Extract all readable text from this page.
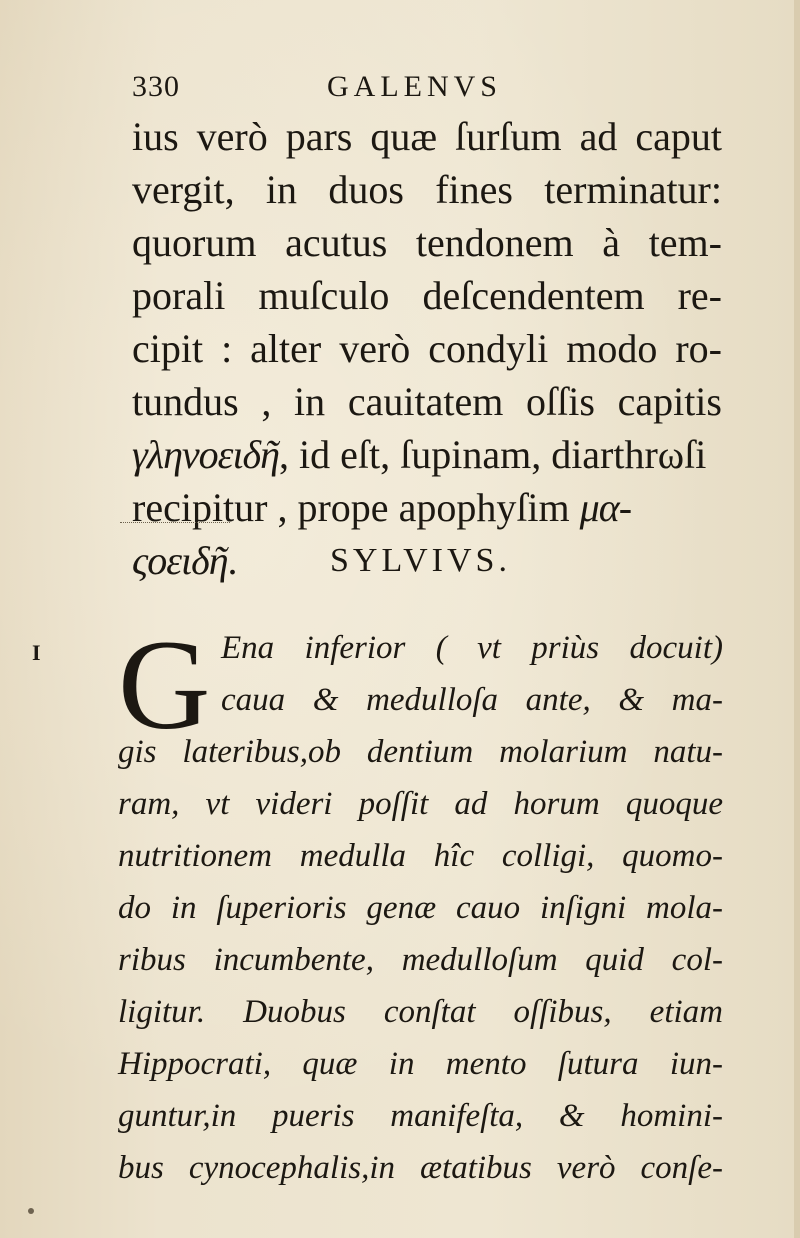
330	GALENVS
ius verò pars quæ ſurſum ad caput
vergit, in duos fines terminatur:
quorum acutus tendonem à tem-
porali muſculo deſcendentem re-
cipit : alter verò condyli modo ro-
tundus , in cauitatem oſſis capitis
γληνοειδῆ, id eſt, ſupinam, diarthrωſi
recipitur , prope apophyſim μα-
ςοειδῆ.	SYLVIVS.
I G Ena inferior ( vt priùs docuit)
caua & medulloſa ante, & ma-
gis lateribus,ob dentium molarium natu-
ram, vt videri poſſit ad horum quoque
nutritionem medulla hîc colligi, quomo-
do in ſuperioris genæ cauo inſigni mola-
ribus incumbente, medulloſum quid col-
ligitur. Duobus conſtat oſſibus, etiam
Hippocrati, quæ in mento ſutura iun-
guntur,in pueris manifeſta, & homini-
bus cynocephalis,in ætatibus verò conſe-
